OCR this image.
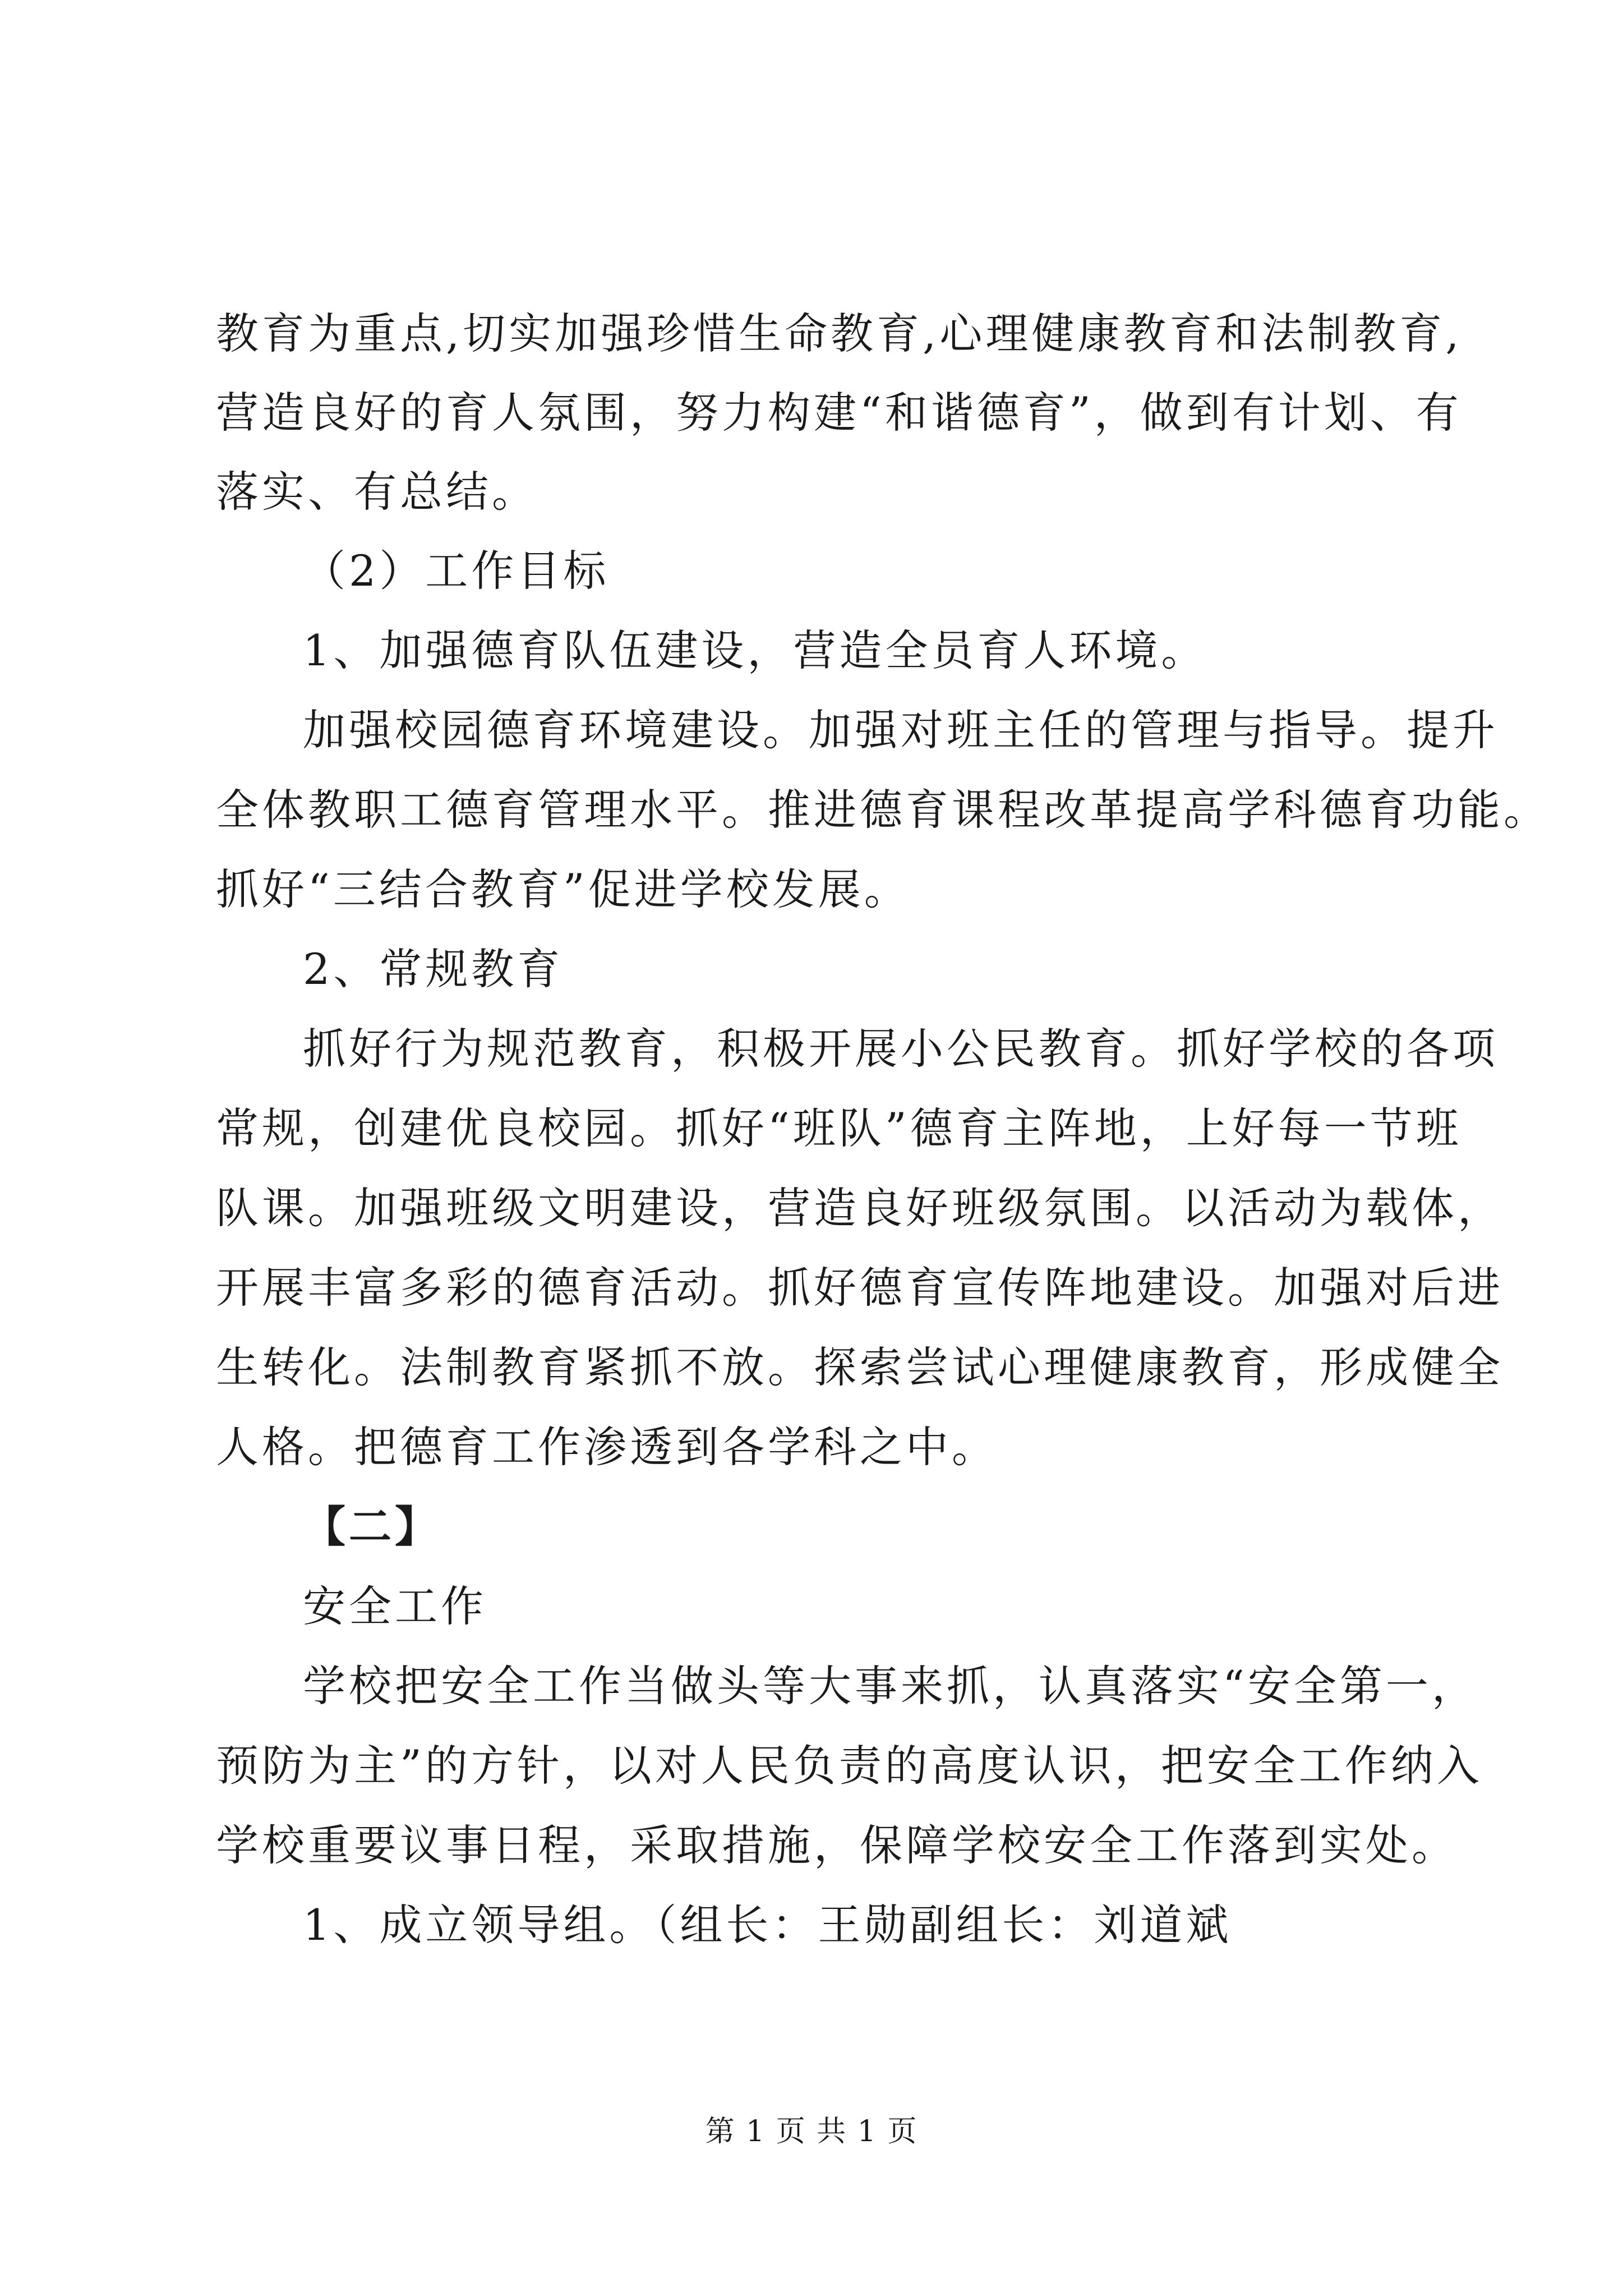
教育为重点,切实加强珍惜生命教育,心理健康教育和法制教育,
营造良好的育人氛围，努力构建“和谐德育”，做到有计划、有
落实、有总结。
（2）工作目标
1、加强德育队伍建设，营造全员育人环境。
加强校园德育环境建设。加强对班主任的管理与指导。提升
全体教职工德育管理水平。推进德育课程改革提高学科德育功能。
抓好“三结合教育”促进学校发展。
2、常规教育
抓好行为规范教育，积极开展小公民教育。抓好学校的各项
常规，创建优良校园。抓好“班队”德育主阵地，上好每一节班
队课。加强班级文明建设，营造良好班级氛围。以活动为载体，
开展丰富多彩的德育活动。抓好德育宣传阵地建设。加强对后进
生转化。法制教育紧抓不放。探索尝试心理健康教育，形成健全
人格。把德育工作渗透到各学科之中。
【二】
安全工作
学校把安全工作当做头等大事来抓，认真落实“安全第一，
预防为主”的方针，以对人民负责的高度认识，把安全工作纳入
学校重要议事日程，采取措施，保障学校安全工作落到实处。
1、成立领导组。（组长：王勋副组长：刘道斌
第 1 页 共 1 页
